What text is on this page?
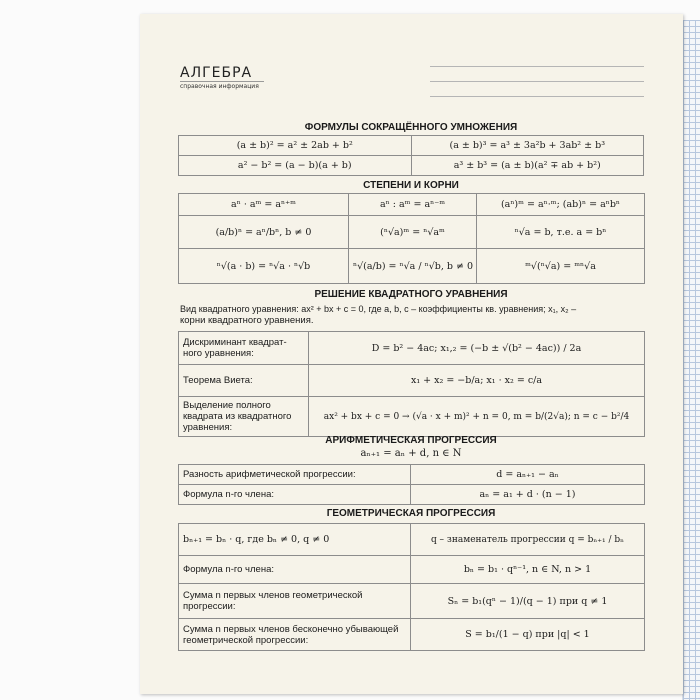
АЛГЕБРА
справочная информация
ФОРМУЛЫ СОКРАЩЁННОГО УМНОЖЕНИЯ
(a ± b)² = a² ± 2ab + b²	(a ± b)³ = a³ ± 3a²b + 3ab² ± b³
a² − b² = (a − b)(a + b)	a³ ± b³ = (a ± b)(a² ∓ ab + b²)
СТЕПЕНИ И КОРНИ
aⁿ · aᵐ = aⁿ⁺ᵐ	aⁿ : aᵐ = aⁿ⁻ᵐ	(aⁿ)ᵐ = aⁿ·ᵐ; (ab)ⁿ = aⁿbⁿ
(a/b)ⁿ = aⁿ/bⁿ, b ≠ 0	(ⁿ√a)ᵐ = ⁿ√aᵐ	ⁿ√a = b, т.е. a = bⁿ
ⁿ√(a · b) = ⁿ√a · ⁿ√b	ⁿ√(a/b) = ⁿ√a / ⁿ√b, b ≠ 0	ᵐ√(ⁿ√a) = ᵐⁿ√a
РЕШЕНИЕ КВАДРАТНОГО УРАВНЕНИЯ
Вид квадратного уравнения: ax² + bx + c = 0, где a, b, c – коэффициенты кв. уравнения; x₁, x₂ –
корни квадратного уравнения.
Дискриминант квадрат-ного уравнения:	D = b² − 4ac; x₁,₂ = (−b ± √(b² − 4ac)) / 2a
Теорема Виета:	x₁ + x₂ = −b/a; x₁ · x₂ = c/a
Выделение полного квадрата из квадратного уравнения:	ax² + bx + c = 0 → (√a · x + m)² + n = 0, m = b/(2√a); n = c − b²/4
АРИФМЕТИЧЕСКАЯ ПРОГРЕССИЯ
aₙ₊₁ = aₙ + d, n ∈ N
Разность арифметической прогрессии:	d = aₙ₊₁ − aₙ
Формула n-го члена:	aₙ = a₁ + d · (n − 1)
ГЕОМЕТРИЧЕСКАЯ ПРОГРЕССИЯ
bₙ₊₁ = bₙ · q, где bₙ ≠ 0, q ≠ 0	q – знаменатель прогрессии q = bₙ₊₁ / bₙ
Формула n-го члена:	bₙ = b₁ · qⁿ⁻¹, n ∈ N, n > 1
Сумма n первых членов геометрической прогрессии:	Sₙ = b₁(qⁿ − 1)/(q − 1) при q ≠ 1
Сумма n первых членов бесконечно убывающей геометрической прогрессии:	S = b₁/(1 − q) при |q| < 1
